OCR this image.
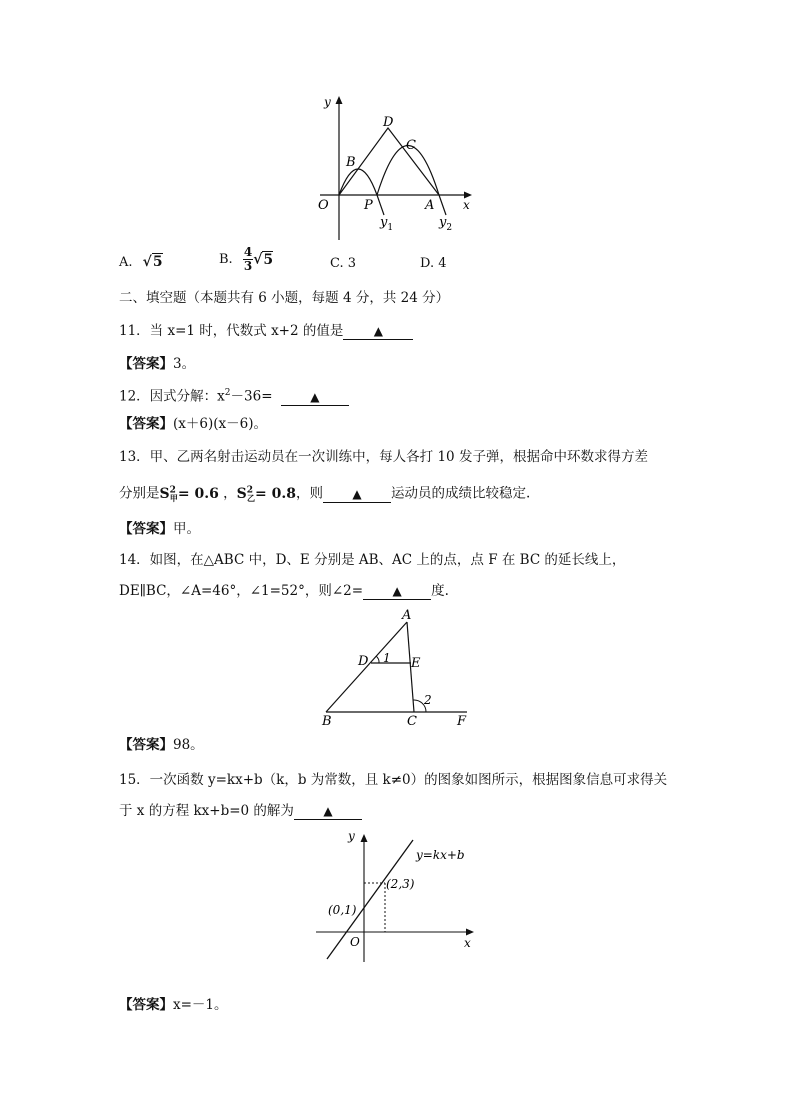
y
x
O
B
D
C
P	A
$y_1$	$y_2$
A. √5	B. $\frac{4}{3} √5$	C. 3	D. 4
二、填空题（本题共有 6 小题，每题 4 分，共 24 分）
11．当 x=1 时，代数式 x+2 的值是	▲
【答案】3。
12．因式分解：$x^2-36=$	▲
【答案】(x＋6)(x－6)。
13．甲、乙两名射击运动员在一次训练中，每人各打 10 发子弹，根据命中环数求得方差
分别是$S^2_甲= 0.6$ ，$S^2_乙= 0.8$，则 ▲ 运动员的成绩比较稳定.
【答案】甲。
14．如图，在△ABC 中，D、E 分别是 AB、AC 上的点，点 F 在 BC 的延长线上，
DE∥BC，∠A=46°，∠1=52°，则∠2= ▲ 度.
A
D 1 E
2
B	C	F
【答案】98。
15．一次函数 y=kx+b（k，b 为常数，且 k≠0）的图象如图所示，根据图象信息可求得关
于 x 的方程 kx+b=0 的解为 ▲
y
x
O
y=kx+b
(0,1)
(2,3)
【答案】x=－1。
